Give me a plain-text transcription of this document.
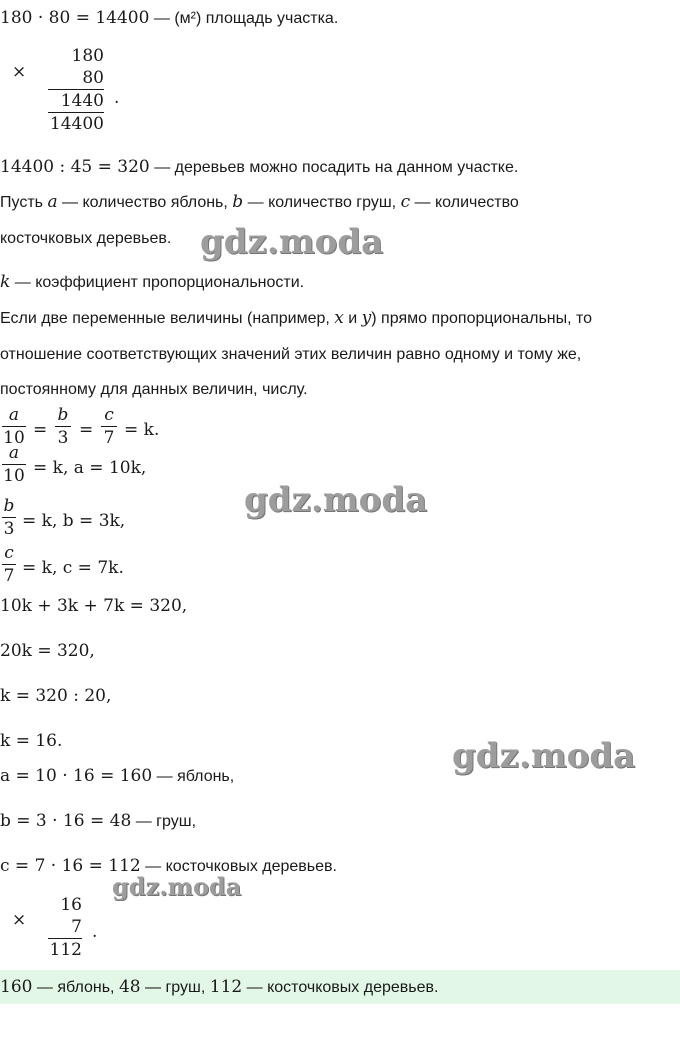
180 · 80 = 14400 — (м²) площадь участка.
×
180
80
1440
14400
.
14400 : 45 = 320 — деревьев можно посадить на данном участке.
Пусть a — количество яблонь, b — количество груш, c — количество
косточковых деревьев.
k — коэффициент пропорциональности.
Если две переменные величины (например, x и y) прямо пропорциональны, то
отношение соответствующих значений этих величин равно одному и тому же,
постоянному для данных величин, числу.
a
10 =
b
3 =
c
7 = k.
a
10 = k, a = 10k,
b
3 = k, b = 3k,
c
7 = k, c = 7k.
10k + 3k + 7k = 320,
20k = 320,
k = 320 : 20,
k = 16.
a = 10 · 16 = 160 — яблонь,
b = 3 · 16 = 48 — груш,
c = 7 · 16 = 112 — косточковых деревьев.
×
16
7
112
.
160 — яблонь, 48 — груш, 112 — косточковых деревьев.
gdz.moda
gdz.moda
gdz.moda
gdz.moda
